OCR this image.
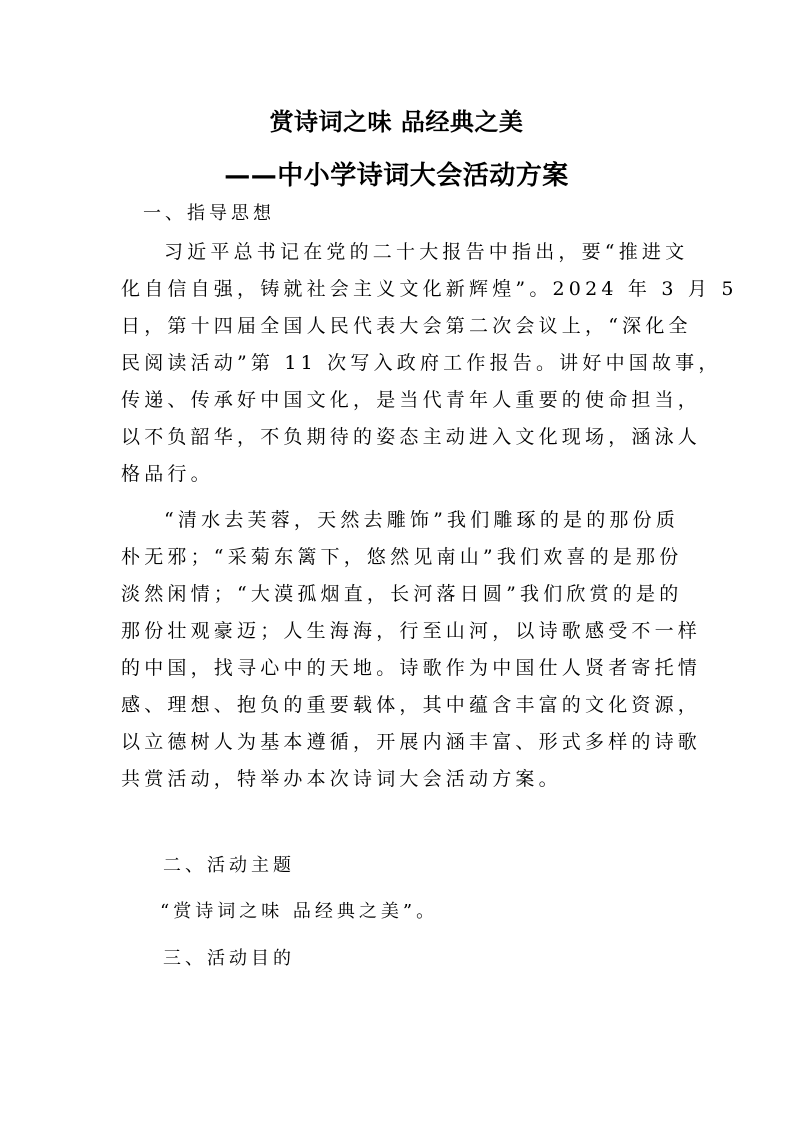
赏诗词之味 品经典之美
——中小学诗词大会活动方案
一、指导思想
习近平总书记在党的二十大报告中指出，要“推进文
化自信自强，铸就社会主义文化新辉煌”。2024 年 3 月 5
日，第十四届全国人民代表大会第二次会议上，“深化全
民阅读活动”第 11 次写入政府工作报告。讲好中国故事，
传递、传承好中国文化，是当代青年人重要的使命担当，
以不负韶华，不负期待的姿态主动进入文化现场，涵泳人
格品行。
“清水去芙蓉，天然去雕饰”我们雕琢的是的那份质
朴无邪；“采菊东篱下，悠然见南山”我们欢喜的是那份
淡然闲情；“大漠孤烟直，长河落日圆”我们欣赏的是的
那份壮观豪迈；人生海海，行至山河，以诗歌感受不一样
的中国，找寻心中的天地。诗歌作为中国仕人贤者寄托情
感、理想、抱负的重要载体，其中蕴含丰富的文化资源，
以立德树人为基本遵循，开展内涵丰富、形式多样的诗歌
共赏活动，特举办本次诗词大会活动方案。
二、活动主题
“赏诗词之味 品经典之美”。
三、活动目的
